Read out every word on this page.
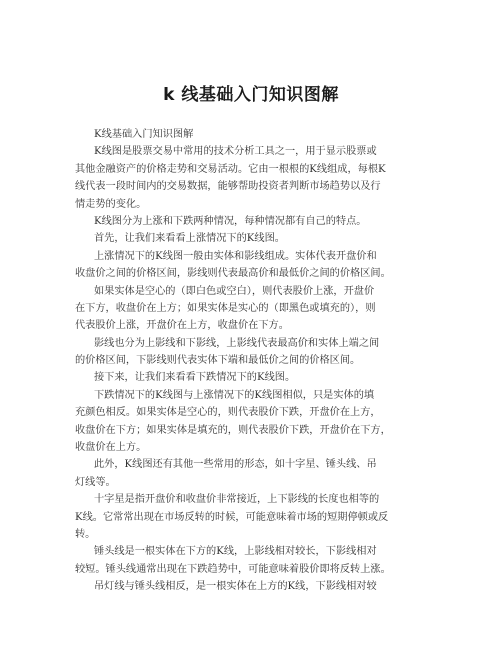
k 线基础入门知识图解
K线基础入门知识图解
K线图是股票交易中常用的技术分析工具之一，用于显示股票或
其他金融资产的价格走势和交易活动。它由一根根的K线组成，每根K
线代表一段时间内的交易数据，能够帮助投资者判断市场趋势以及行
情走势的变化。
K线图分为上涨和下跌两种情况，每种情况都有自己的特点。
首先，让我们来看看上涨情况下的K线图。
上涨情况下的K线图一般由实体和影线组成。实体代表开盘价和
收盘价之间的价格区间，影线则代表最高价和最低价之间的价格区间。
如果实体是空心的（即白色或空白），则代表股价上涨，开盘价
在下方，收盘价在上方；如果实体是实心的（即黑色或填充的），则
代表股价上涨，开盘价在上方，收盘价在下方。
影线也分为上影线和下影线，上影线代表最高价和实体上端之间
的价格区间，下影线则代表实体下端和最低价之间的价格区间。
接下来，让我们来看看下跌情况下的K线图。
下跌情况下的K线图与上涨情况下的K线图相似，只是实体的填
充颜色相反。如果实体是空心的，则代表股价下跌，开盘价在上方，
收盘价在下方；如果实体是填充的，则代表股价下跌，开盘价在下方，
收盘价在上方。
此外，K线图还有其他一些常用的形态，如十字星、锤头线、吊
灯线等。
十字星是指开盘价和收盘价非常接近，上下影线的长度也相等的
K线。它常常出现在市场反转的时候，可能意味着市场的短期停顿或反
转。
锤头线是一根实体在下方的K线，上影线相对较长，下影线相对
较短。锤头线通常出现在下跌趋势中，可能意味着股价即将反转上涨。
吊灯线与锤头线相反，是一根实体在上方的K线，下影线相对较
